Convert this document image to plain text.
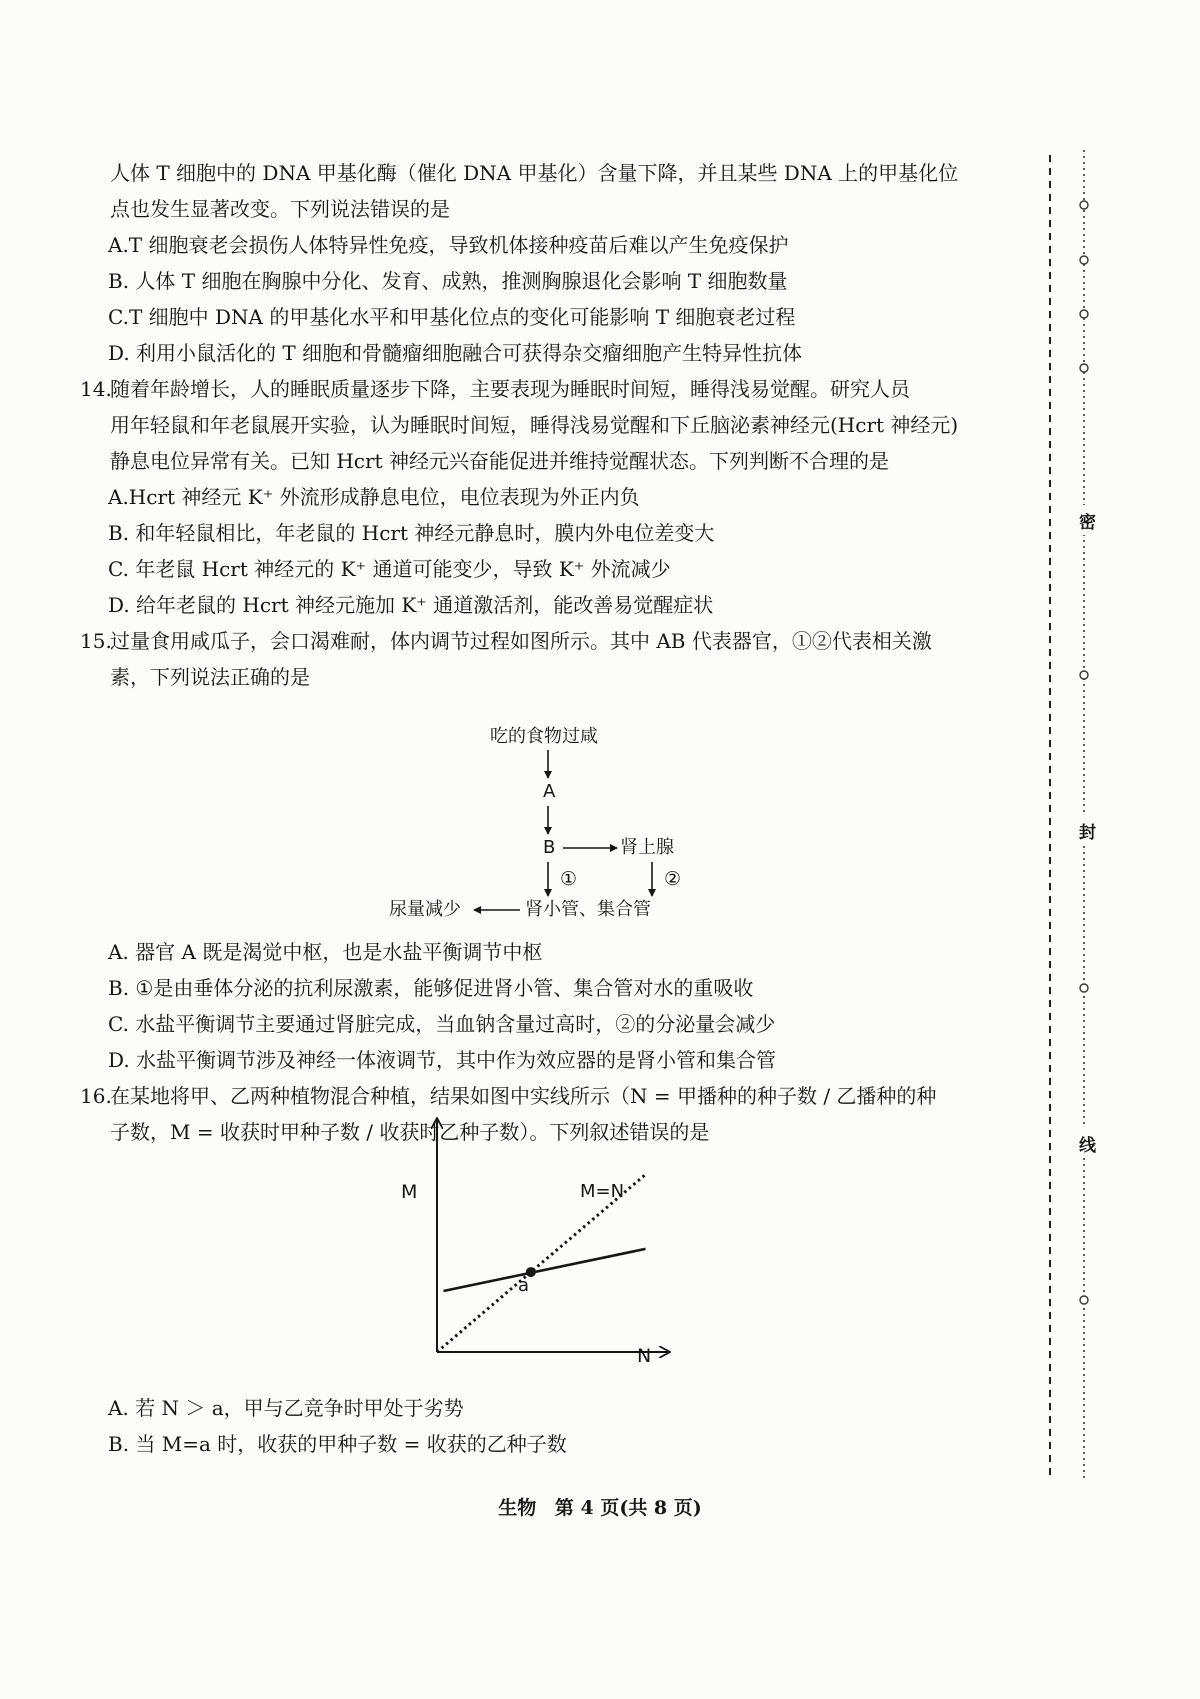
人体 T 细胞中的 DNA 甲基化酶（催化 DNA 甲基化）含量下降，并且某些 DNA 上的甲基化位
点也发生显著改变。下列说法错误的是
A.T 细胞衰老会损伤人体特异性免疫，导致机体接种疫苗后难以产生免疫保护
B. 人体 T 细胞在胸腺中分化、发育、成熟，推测胸腺退化会影响 T 细胞数量
C.T 细胞中 DNA 的甲基化水平和甲基化位点的变化可能影响 T 细胞衰老过程
D. 利用小鼠活化的 T 细胞和骨髓瘤细胞融合可获得杂交瘤细胞产生特异性抗体
14.
随着年龄增长，人的睡眠质量逐步下降，主要表现为睡眠时间短，睡得浅易觉醒。研究人员
用年轻鼠和年老鼠展开实验，认为睡眠时间短，睡得浅易觉醒和下丘脑泌素神经元(Hcrt 神经元)
静息电位异常有关。已知 Hcrt 神经元兴奋能促进并维持觉醒状态。下列判断不合理的是
A.Hcrt 神经元 K⁺ 外流形成静息电位，电位表现为外正内负
B. 和年轻鼠相比，年老鼠的 Hcrt 神经元静息时，膜内外电位差变大
C. 年老鼠 Hcrt 神经元的 K⁺ 通道可能变少，导致 K⁺ 外流减少
D. 给年老鼠的 Hcrt 神经元施加 K⁺ 通道激活剂，能改善易觉醒症状
15.
过量食用咸瓜子，会口渴难耐，体内调节过程如图所示。其中 AB 代表器官，①②代表相关激
素，下列说法正确的是
吃的食物过咸
A
B	肾上腺
①	②
尿量减少	肾小管、集合管
A. 器官 A 既是渴觉中枢，也是水盐平衡调节中枢
B. ①是由垂体分泌的抗利尿激素，能够促进肾小管、集合管对水的重吸收
C. 水盐平衡调节主要通过肾脏完成，当血钠含量过高时，②的分泌量会减少
D. 水盐平衡调节涉及神经一体液调节，其中作为效应器的是肾小管和集合管
16.
在某地将甲、乙两种植物混合种植，结果如图中实线所示（N = 甲播种的种子数 / 乙播种的种
子数，M = 收获时甲种子数 / 收获时乙种子数）。下列叙述错误的是
M
N
M=N
a
A. 若 N ＞ a，甲与乙竞争时甲处于劣势
B. 当 M=a 时，收获的甲种子数 = 收获的乙种子数
生物 第 4 页(共 8 页)
密
封
线
